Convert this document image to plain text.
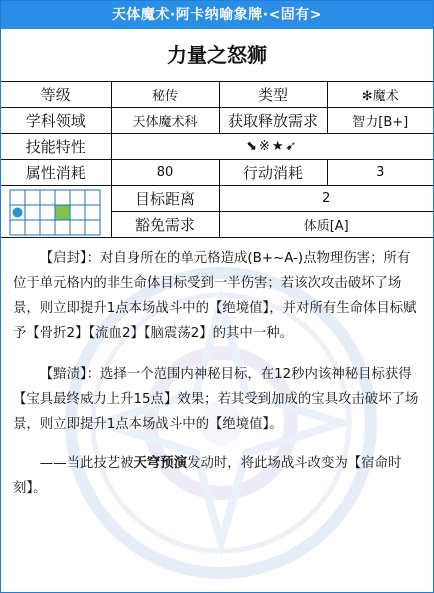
天体魔术·阿卡纳喻象牌·<固有>
力量之怒狮
等级	秘传	类型	✻魔术
学科领域	天体魔术科	获取释放需求	智力[B+]
技能特性	⬊※★➹		
属性消耗	80	行动消耗	3

	目标距离	2	
	豁免需求	体质[A]	

【启封】：对自身所在的单元格造成(B+~A-)点物理伤害；所有位于单元格内的非生命体目标受到一半伤害；若该次攻击破坏了场景，则立即提升1点本场战斗中的【绝境值】，并对所有生命体目标赋予【骨折2】【流血2】【脑震荡2】的其中一种。

【黯渍】：选择一个范围内神秘目标，在12秒内该神秘目标获得【宝具最终威力上升15点】效果；若其受到加成的宝具攻击破坏了场景，则立即提升1点本场战斗中的【绝境值】。

——当此技艺被天穹预演发动时，将此场战斗改变为【宿命时刻】。
